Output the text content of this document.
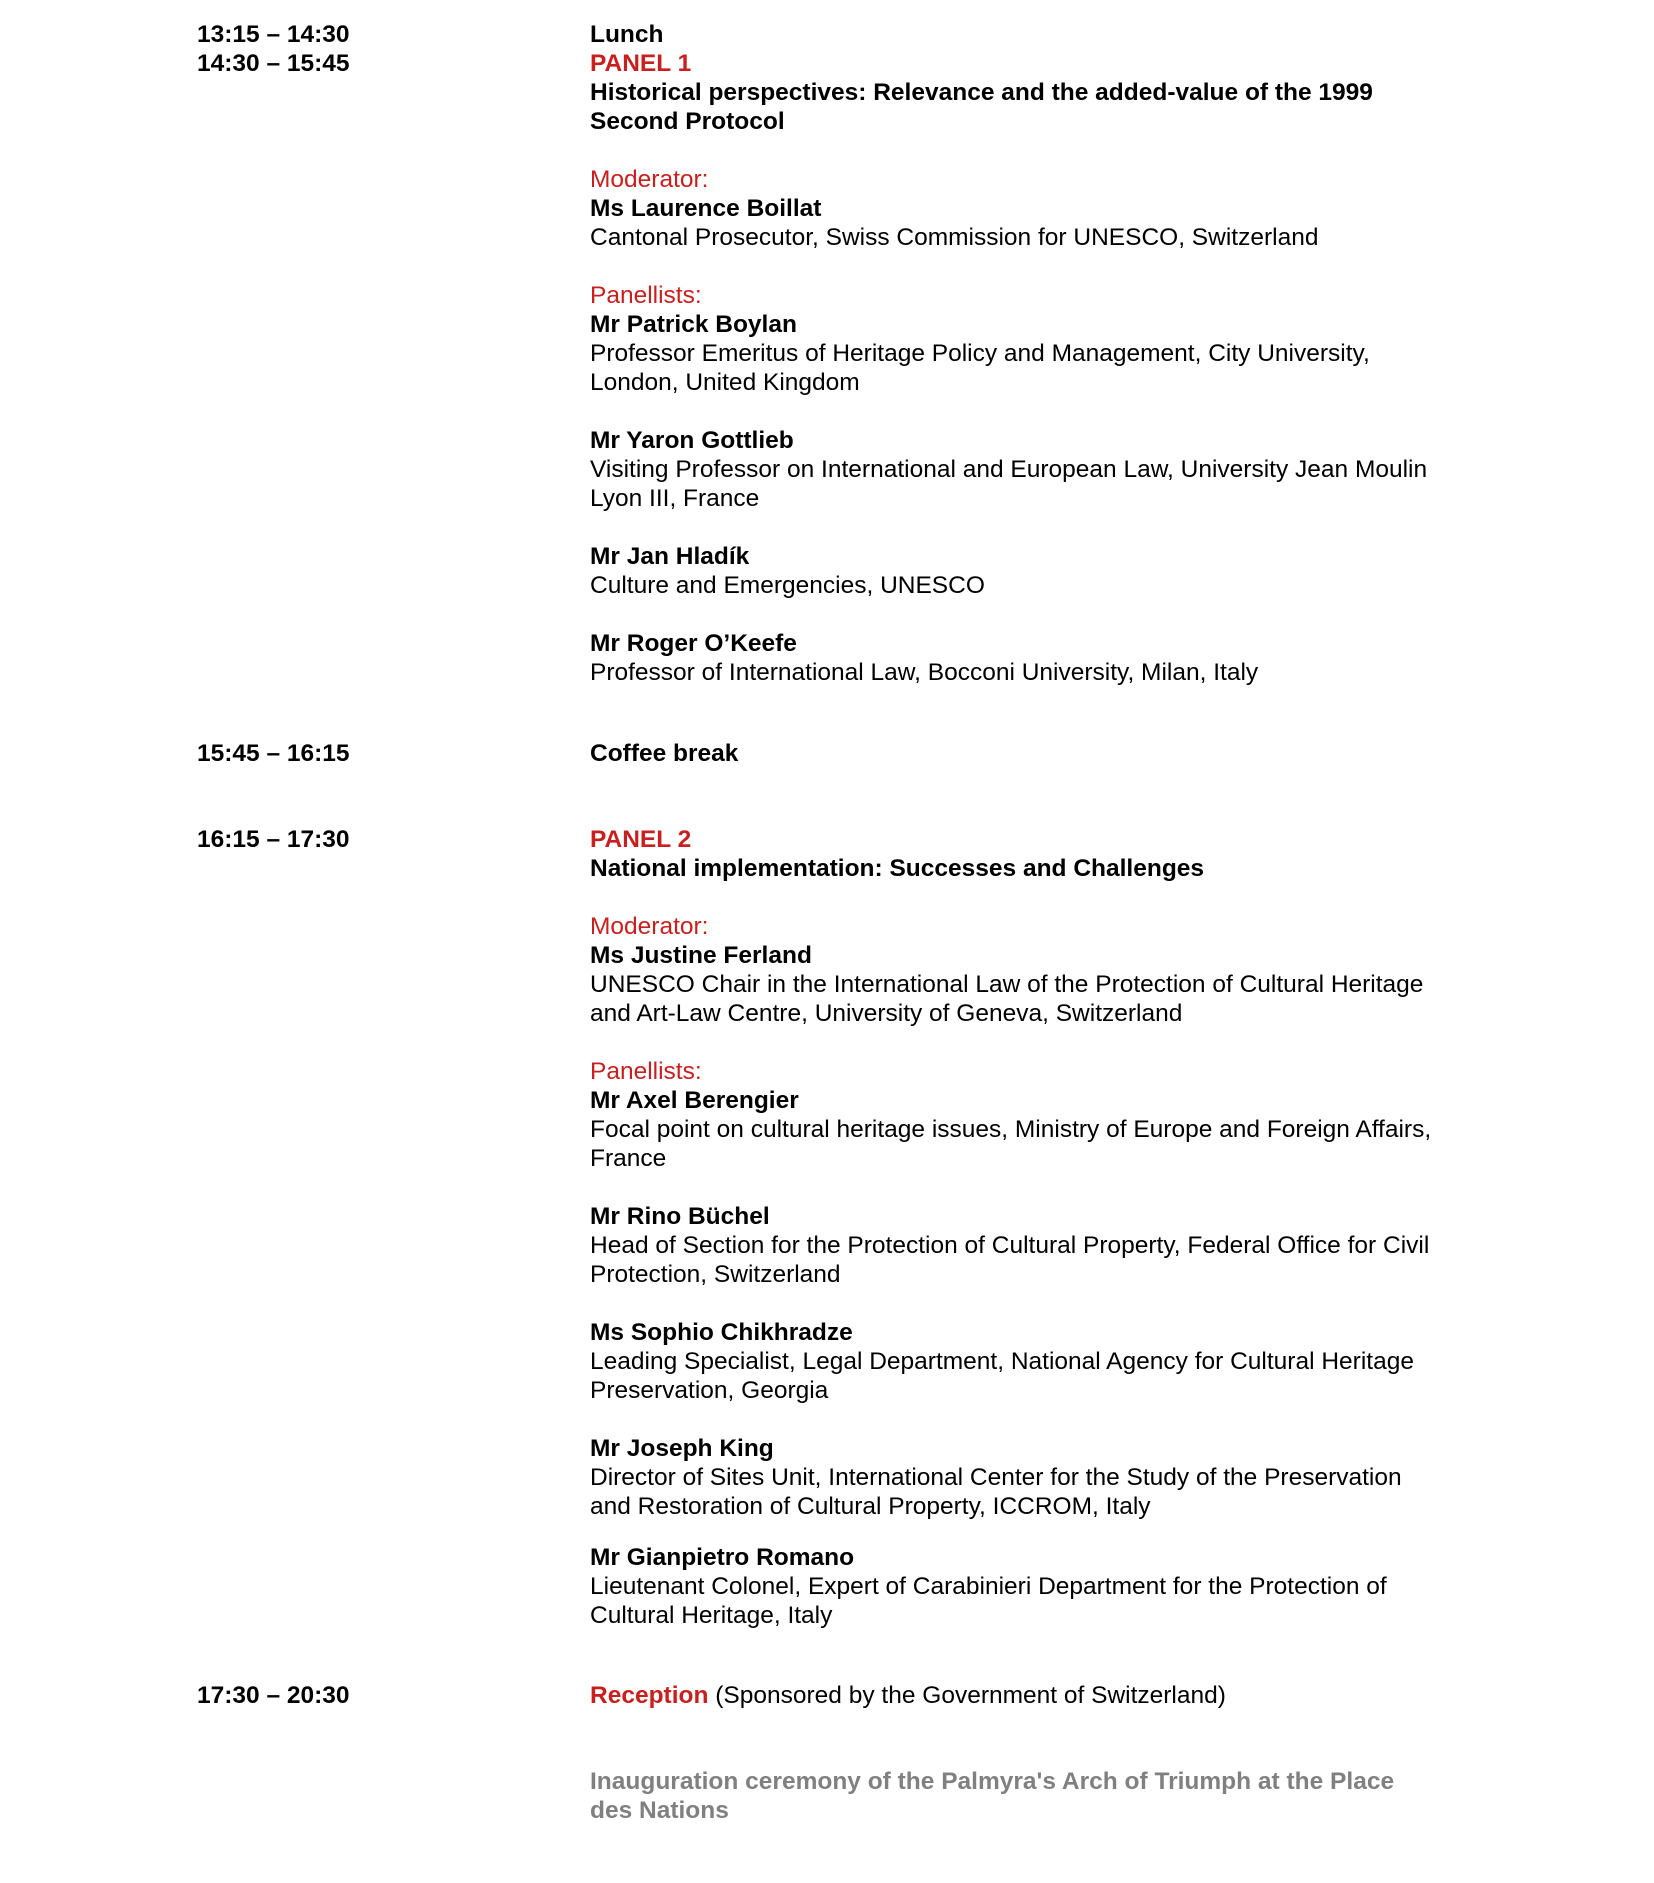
13:15 – 14:30
14:30 – 15:45
15:45 – 16:15
16:15 – 17:30
17:30 – 20:30
Lunch
PANEL 1
Historical perspectives: Relevance and the added-value of the 1999
Second Protocol
Moderator:
Ms Laurence Boillat
Cantonal Prosecutor, Swiss Commission for UNESCO, Switzerland
Panellists:
Mr Patrick Boylan
Professor Emeritus of Heritage Policy and Management, City University,
London, United Kingdom
Mr Yaron Gottlieb
Visiting Professor on International and European Law, University Jean Moulin
Lyon III, France
Mr Jan Hladík
Culture and Emergencies, UNESCO
Mr Roger O’Keefe
Professor of International Law, Bocconi University, Milan, Italy
Coffee break
PANEL 2
National implementation: Successes and Challenges
Moderator:
Ms Justine Ferland
UNESCO Chair in the International Law of the Protection of Cultural Heritage
and Art-Law Centre, University of Geneva, Switzerland
Panellists:
Mr Axel Berengier
Focal point on cultural heritage issues, Ministry of Europe and Foreign Affairs,
France
Mr Rino Büchel
Head of Section for the Protection of Cultural Property, Federal Office for Civil
Protection, Switzerland
Ms Sophio Chikhradze
Leading Specialist, Legal Department, National Agency for Cultural Heritage
Preservation, Georgia
Mr Joseph King
Director of Sites Unit, International Center for the Study of the Preservation
and Restoration of Cultural Property, ICCROM, Italy
Mr Gianpietro Romano
Lieutenant Colonel, Expert of Carabinieri Department for the Protection of
Cultural Heritage, Italy
Reception (Sponsored by the Government of Switzerland)
Inauguration ceremony of the Palmyra's Arch of Triumph at the Place
des Nations
